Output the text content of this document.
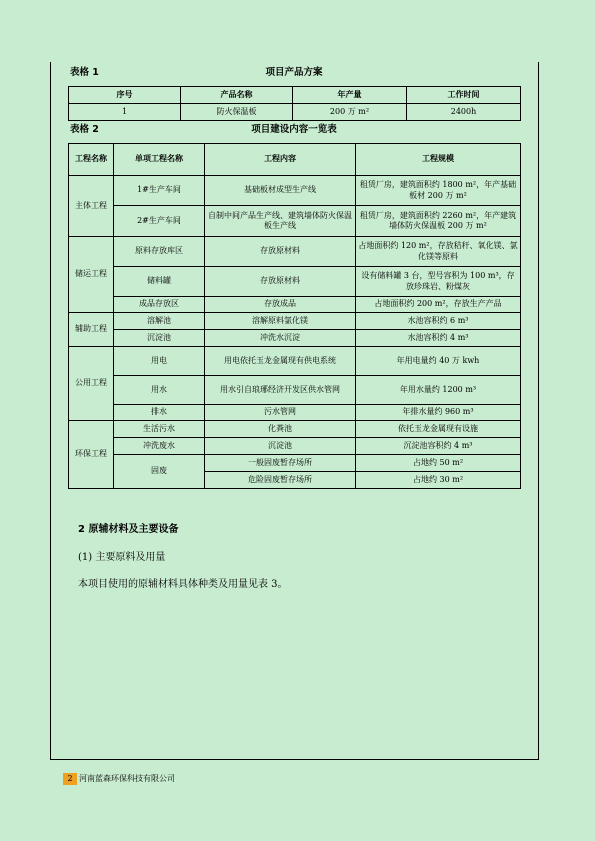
表格 1	项目产品方案
序号	产品名称	年产量	工作时间
1	防火保温板	200 万 m²	2400h
表格 2	项目建设内容一览表
工程名称	单项工程名称	工程内容	工程规模
主体工程	1#生产车间	基础板材成型生产线	租赁厂房，建筑面积约 1800 m²，年产基础板材 200 万 m²
	2#生产车间	自制中间产品生产线、建筑墙体防火保温板生产线	租赁厂房，建筑面积约 2260 m²，年产建筑墙体防火保温板 200 万 m²
储运工程	原料存放库区	存放原材料	占地面积约 120 m²，存放秸秆、氧化镁、氯化镁等原料
	储料罐	存放原材料	设有储料罐 3 台，型号容积为 100 m³，存放珍珠岩、粉煤灰
	成品存放区	存放成品	占地面积约 200 m²，存放生产产品
辅助工程	溶解池	溶解原料氯化镁	水池容积约 6 m³
	沉淀池	冲洗水沉淀	水池容积约 4 m³
公用工程	用电	用电依托玉龙金属现有供电系统	年用电量约 40 万 kwh
	用水	用水引自琅琊经济开发区供水管网	年用水量约 1200 m³
	排水	污水管网	年排水量约 960 m³
环保工程	生活污水	化粪池	依托玉龙金属现有设施
	冲洗废水	沉淀池	沉淀池容积约 4 m³
	固废	一般固废暂存场所	占地约 50 m²
		危险固废暂存场所	占地约 30 m²
2 原辅材料及主要设备
(1) 主要原料及用量
本项目使用的原辅材料具体种类及用量见表 3。
2 河南蓝森环保科技有限公司
